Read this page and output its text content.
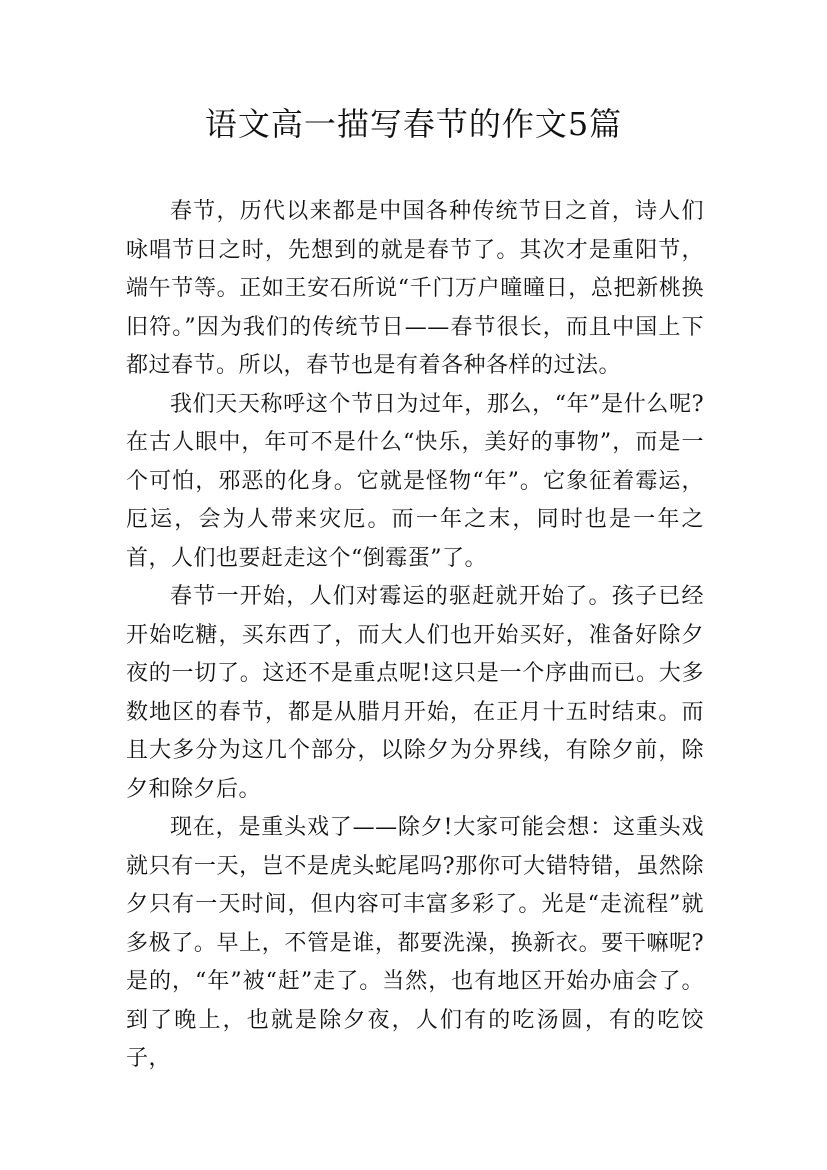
语文高一描写春节的作文5篇

春节，历代以来都是中国各种传统节日之首，诗人们咏唱节日之时，先想到的就是春节了。其次才是重阳节，端午节等。正如王安石所说“千门万户曈曈日，总把新桃换旧符。”因为我们的传统节日——春节很长，而且中国上下都过春节。所以，春节也是有着各种各样的过法。

我们天天称呼这个节日为过年，那么，“年”是什么呢?在古人眼中，年可不是什么“快乐，美好的事物”，而是一个可怕，邪恶的化身。它就是怪物“年”。它象征着霉运，厄运，会为人带来灾厄。而一年之末，同时也是一年之首，人们也要赶走这个“倒霉蛋”了。

春节一开始，人们对霉运的驱赶就开始了。孩子已经开始吃糖，买东西了，而大人们也开始买好，准备好除夕夜的一切了。这还不是重点呢!这只是一个序曲而已。大多数地区的春节，都是从腊月开始，在正月十五时结束。而且大多分为这几个部分，以除夕为分界线，有除夕前，除夕和除夕后。

现在，是重头戏了——除夕!大家可能会想：这重头戏就只有一天，岂不是虎头蛇尾吗?那你可大错特错，虽然除夕只有一天时间，但内容可丰富多彩了。光是“走流程”就多极了。早上，不管是谁，都要洗澡，换新衣。要干嘛呢?是的，“年”被“赶”走了。当然，也有地区开始办庙会了。到了晚上，也就是除夕夜，人们有的吃汤圆，有的吃饺子，
